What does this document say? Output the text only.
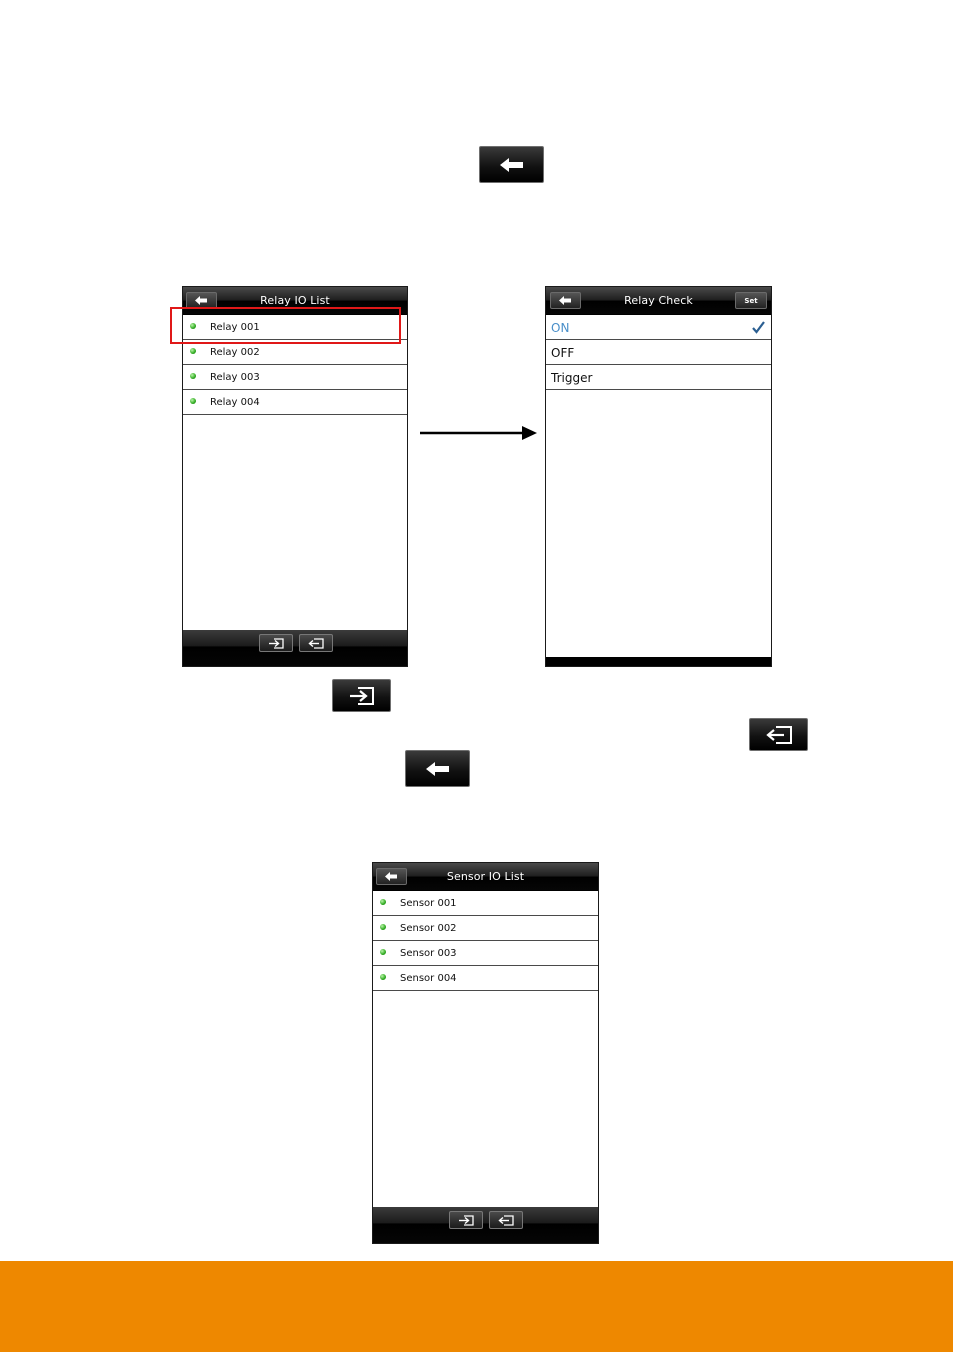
Relay IO List
Relay 001
Relay 002
Relay 003
Relay 004
Relay Check	Set
ON
OFF
Trigger
Sensor IO List
Sensor 001
Sensor 002
Sensor 003
Sensor 004
